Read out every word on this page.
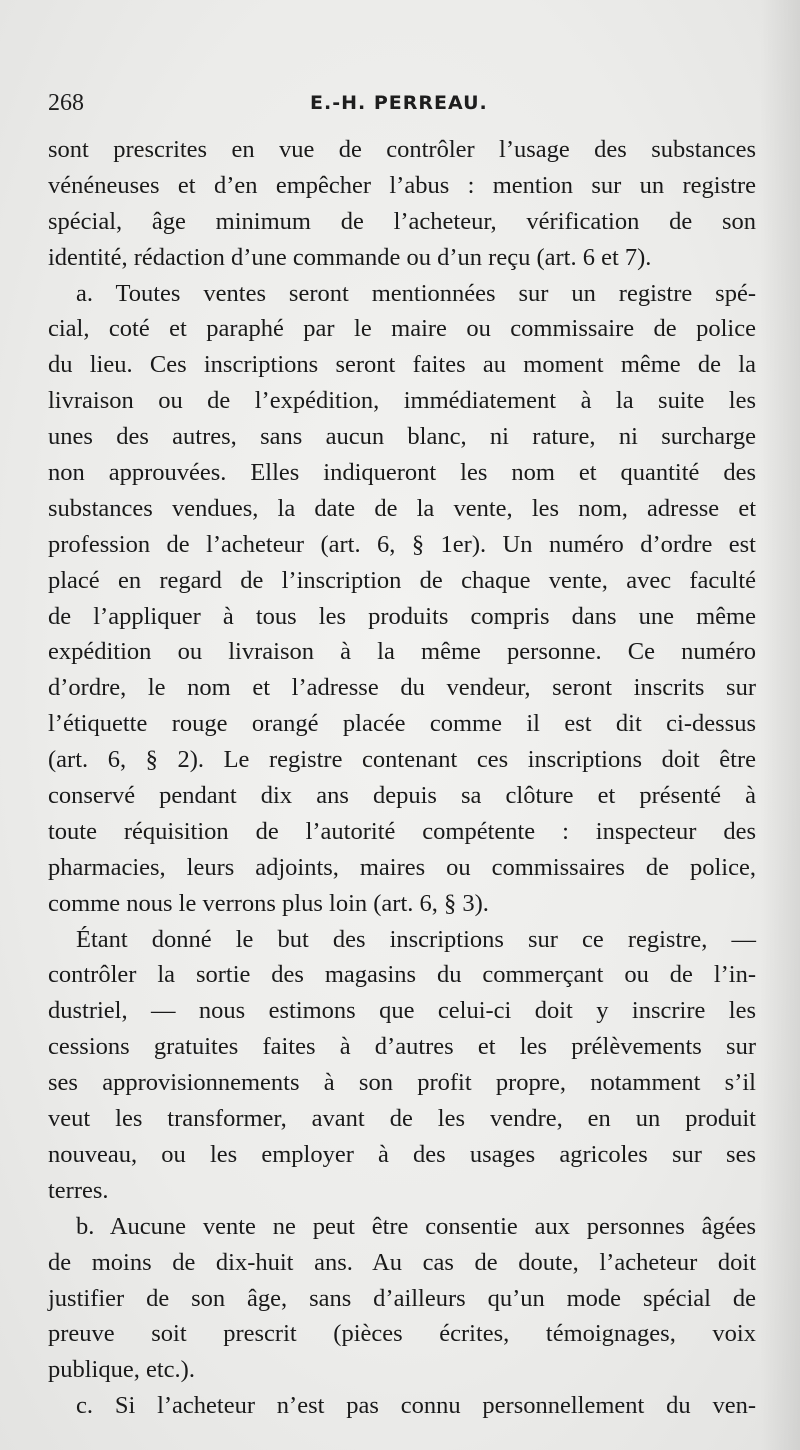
268	E.-H. PERREAU.
sont prescrites en vue de contrôler l’usage des substances
vénéneuses et d’en empêcher l’abus : mention sur un registre
spécial, âge minimum de l’acheteur, vérification de son
identité, rédaction d’une commande ou d’un reçu (art. 6 et 7).
a. Toutes ventes seront mentionnées sur un registre spé-
cial, coté et paraphé par le maire ou commissaire de police
du lieu. Ces inscriptions seront faites au moment même de la
livraison ou de l’expédition, immédiatement à la suite les
unes des autres, sans aucun blanc, ni rature, ni surcharge
non approuvées. Elles indiqueront les nom et quantité des
substances vendues, la date de la vente, les nom, adresse et
profession de l’acheteur (art. 6, § 1er). Un numéro d’ordre est
placé en regard de l’inscription de chaque vente, avec faculté
de l’appliquer à tous les produits compris dans une même
expédition ou livraison à la même personne. Ce numéro
d’ordre, le nom et l’adresse du vendeur, seront inscrits sur
l’étiquette rouge orangé placée comme il est dit ci-dessus
(art. 6, § 2). Le registre contenant ces inscriptions doit être
conservé pendant dix ans depuis sa clôture et présenté à
toute réquisition de l’autorité compétente : inspecteur des
pharmacies, leurs adjoints, maires ou commissaires de police,
comme nous le verrons plus loin (art. 6, § 3).
Étant donné le but des inscriptions sur ce registre, —
contrôler la sortie des magasins du commerçant ou de l’in-
dustriel, — nous estimons que celui-ci doit y inscrire les
cessions gratuites faites à d’autres et les prélèvements sur
ses approvisionnements à son profit propre, notamment s’il
veut les transformer, avant de les vendre, en un produit
nouveau, ou les employer à des usages agricoles sur ses
terres.
b. Aucune vente ne peut être consentie aux personnes âgées
de moins de dix-huit ans. Au cas de doute, l’acheteur doit
justifier de son âge, sans d’ailleurs qu’un mode spécial de
preuve soit prescrit (pièces écrites, témoignages, voix
publique, etc.).
c. Si l’acheteur n’est pas connu personnellement du ven-
